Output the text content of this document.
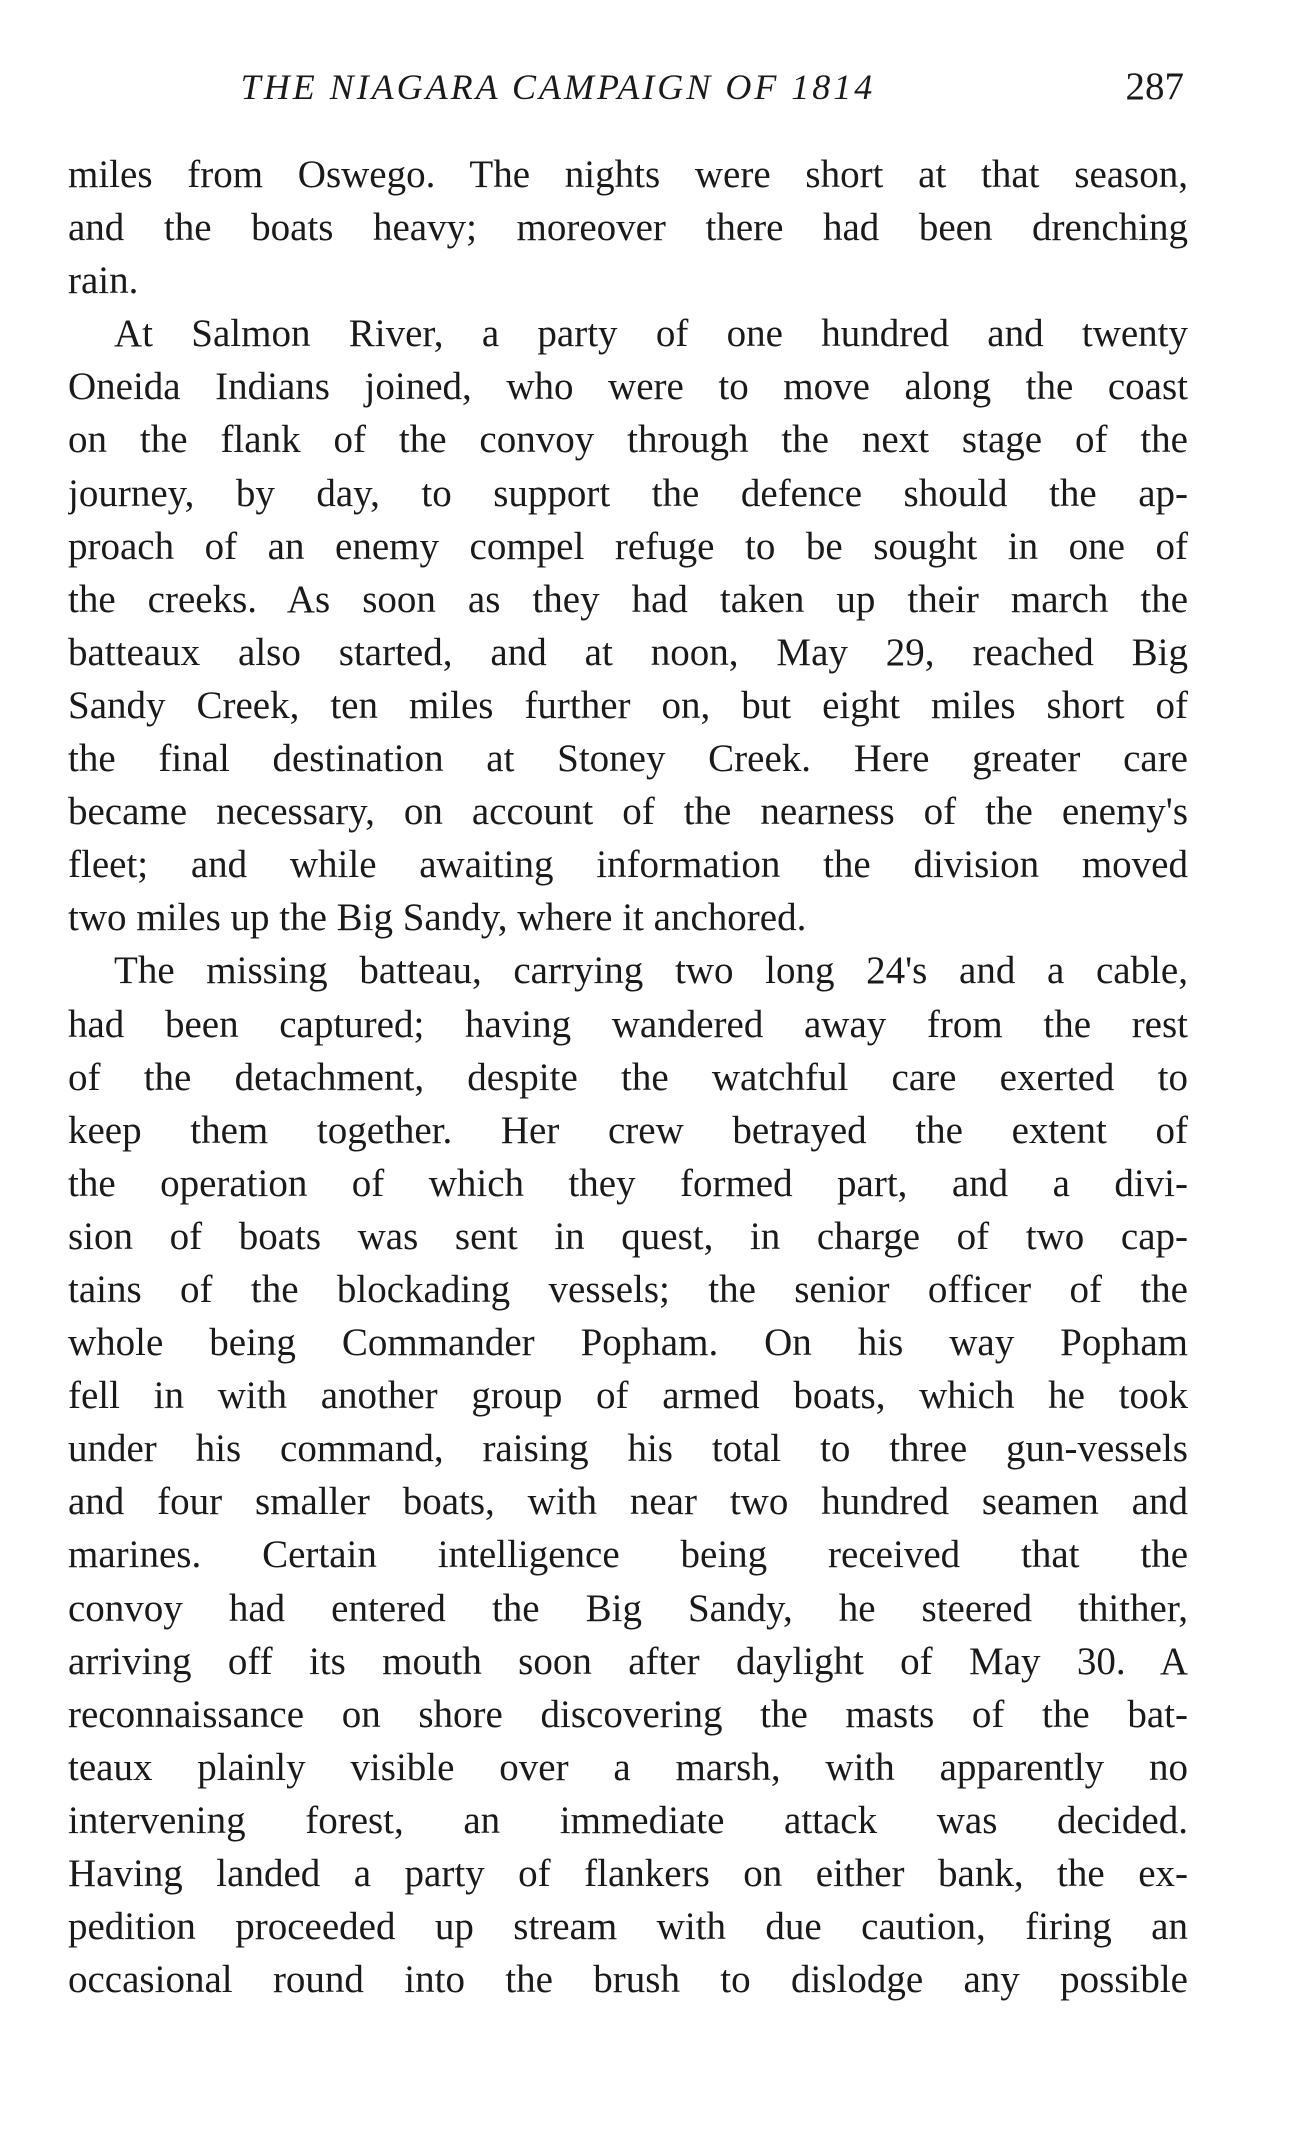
THE NIAGARA CAMPAIGN OF 1814	287
miles from Oswego. The nights were short at that season,
and the boats heavy; moreover there had been drenching
rain.
At Salmon River, a party of one hundred and twenty
Oneida Indians joined, who were to move along the coast
on the flank of the convoy through the next stage of the
journey, by day, to support the defence should the ap-
proach of an enemy compel refuge to be sought in one of
the creeks. As soon as they had taken up their march the
batteaux also started, and at noon, May 29, reached Big
Sandy Creek, ten miles further on, but eight miles short of
the final destination at Stoney Creek. Here greater care
became necessary, on account of the nearness of the enemy's
fleet; and while awaiting information the division moved
two miles up the Big Sandy, where it anchored.
The missing batteau, carrying two long 24's and a cable,
had been captured; having wandered away from the rest
of the detachment, despite the watchful care exerted to
keep them together. Her crew betrayed the extent of
the operation of which they formed part, and a divi-
sion of boats was sent in quest, in charge of two cap-
tains of the blockading vessels; the senior officer of the
whole being Commander Popham. On his way Popham
fell in with another group of armed boats, which he took
under his command, raising his total to three gun-vessels
and four smaller boats, with near two hundred seamen and
marines. Certain intelligence being received that the
convoy had entered the Big Sandy, he steered thither,
arriving off its mouth soon after daylight of May 30. A
reconnaissance on shore discovering the masts of the bat-
teaux plainly visible over a marsh, with apparently no
intervening forest, an immediate attack was decided.
Having landed a party of flankers on either bank, the ex-
pedition proceeded up stream with due caution, firing an
occasional round into the brush to dislodge any possible
